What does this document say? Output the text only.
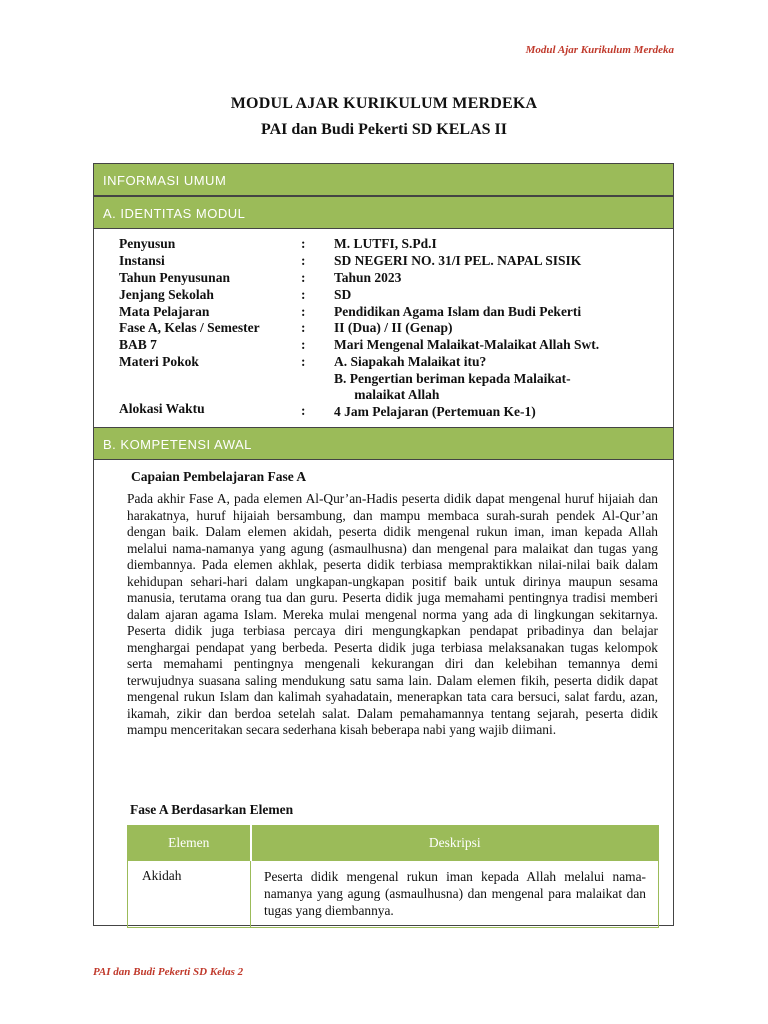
Modul Ajar Kurikulum Merdeka
MODUL AJAR KURIKULUM MERDEKA
PAI dan Budi Pekerti SD KELAS II
INFORMASI UMUM
A. IDENTITAS MODUL
Penyusun	: M. LUTFI, S.Pd.I
Instansi	: SD NEGERI NO. 31/I PEL. NAPAL SISIK
Tahun Penyusunan	: Tahun 2023
Jenjang Sekolah	: SD
Mata Pelajaran	: Pendidikan Agama Islam dan Budi Pekerti
Fase A, Kelas / Semester	: II (Dua) / II (Genap)
BAB 7	: Mari Mengenal Malaikat-Malaikat Allah Swt.
Materi Pokok	: A. Siapakah Malaikat itu?
B. Pengertian beriman kepada Malaikat-
malaikat Allah
Alokasi Waktu	: 4 Jam Pelajaran (Pertemuan Ke-1)
B. KOMPETENSI AWAL
Capaian Pembelajaran Fase A
Pada akhir Fase A, pada elemen Al-Qur’an-Hadis peserta didik dapat mengenal huruf hijaiah dan harakatnya, huruf hijaiah bersambung, dan mampu membaca surah-surah pendek Al-Qur’an dengan baik. Dalam elemen akidah, peserta didik mengenal rukun iman, iman kepada Allah melalui nama-namanya yang agung (asmaulhusna) dan mengenal para malaikat dan tugas yang diembannya. Pada elemen akhlak, peserta didik terbiasa mempraktikkan nilai-nilai baik dalam kehidupan sehari-hari dalam ungkapan-ungkapan positif baik untuk dirinya maupun sesama manusia, terutama orang tua dan guru. Peserta didik juga memahami pentingnya tradisi memberi dalam ajaran agama Islam. Mereka mulai mengenal norma yang ada di lingkungan sekitarnya. Peserta didik juga terbiasa percaya diri mengungkapkan pendapat pribadinya dan belajar menghargai pendapat yang berbeda. Peserta didik juga terbiasa melaksanakan tugas kelompok serta memahami pentingnya mengenali kekurangan diri dan kelebihan temannya demi terwujudnya suasana saling mendukung satu sama lain. Dalam elemen fikih, peserta didik dapat mengenal rukun Islam dan kalimah syahadatain, menerapkan tata cara bersuci, salat fardu, azan, ikamah, zikir dan berdoa setelah salat. Dalam pemahamannya tentang sejarah, peserta didik mampu menceritakan secara sederhana kisah beberapa nabi yang wajib diimani.
Fase A Berdasarkan Elemen
Elemen	Deskripsi
Akidah	Peserta didik mengenal rukun iman kepada Allah melalui nama-namanya yang agung (asmaulhusna) dan mengenal para malaikat dan tugas yang diembannya.
PAI dan Budi Pekerti SD Kelas 2
